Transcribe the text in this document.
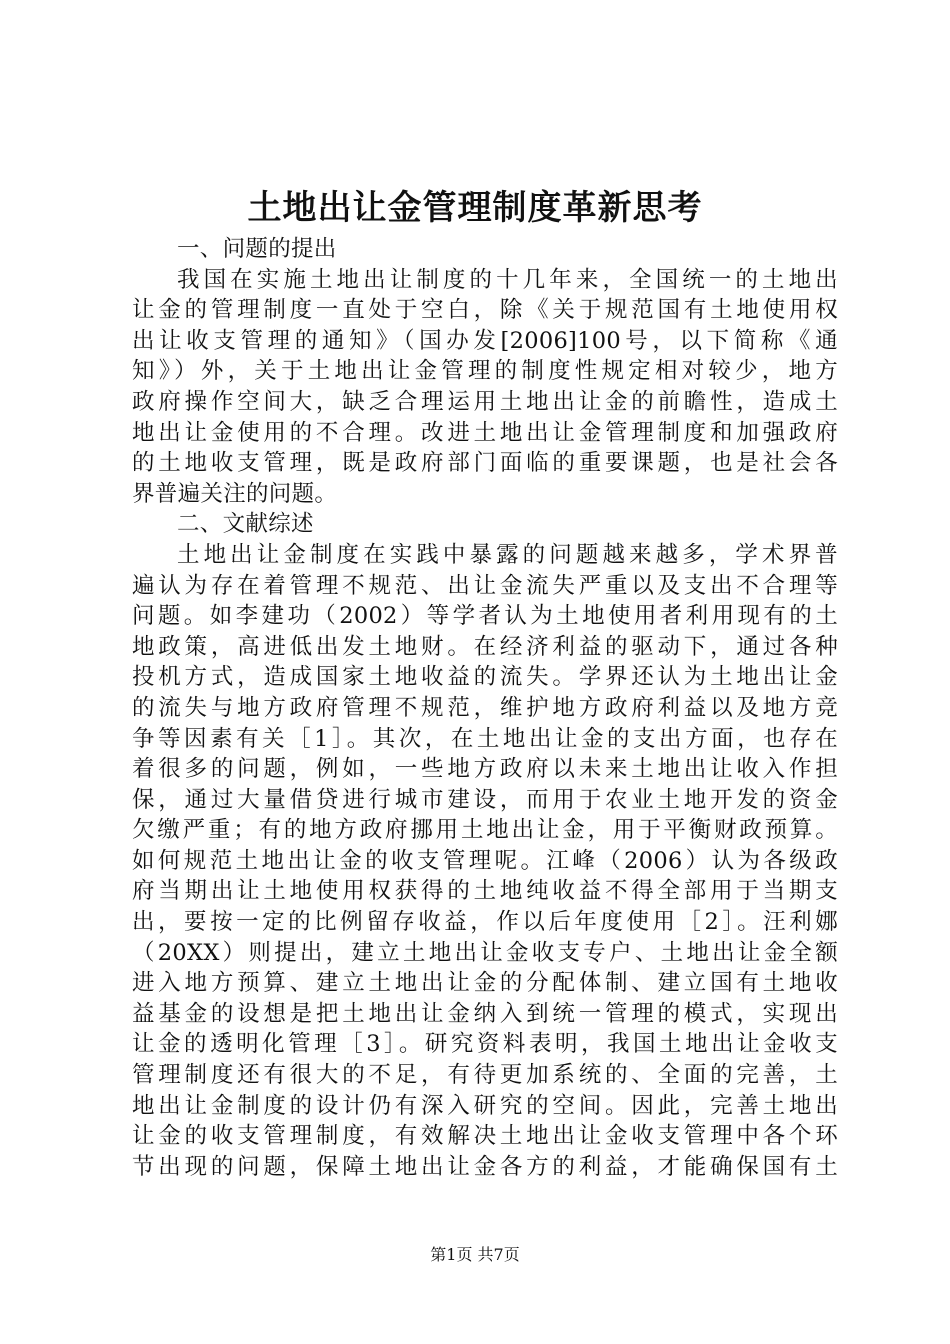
土地出让金管理制度革新思考
一、问题的提出
我国在实施土地出让制度的十几年来，全国统一的土地出
让金的管理制度一直处于空白，除《关于规范国有土地使用权
出让收支管理的通知》（国办发[2006]100号，以下简称《通
知》）外，关于土地出让金管理的制度性规定相对较少，地方
政府操作空间大，缺乏合理运用土地出让金的前瞻性，造成土
地出让金使用的不合理。改进土地出让金管理制度和加强政府
的土地收支管理，既是政府部门面临的重要课题，也是社会各
界普遍关注的问题。
二、文献综述
土地出让金制度在实践中暴露的问题越来越多，学术界普
遍认为存在着管理不规范、出让金流失严重以及支出不合理等
问题。如李建功（2002）等学者认为土地使用者利用现有的土
地政策，高进低出发土地财。在经济利益的驱动下，通过各种
投机方式，造成国家土地收益的流失。学界还认为土地出让金
的流失与地方政府管理不规范，维护地方政府利益以及地方竞
争等因素有关［1］。其次，在土地出让金的支出方面，也存在
着很多的问题，例如，一些地方政府以未来土地出让收入作担
保，通过大量借贷进行城市建设，而用于农业土地开发的资金
欠缴严重；有的地方政府挪用土地出让金，用于平衡财政预算。
如何规范土地出让金的收支管理呢。江峰（2006）认为各级政
府当期出让土地使用权获得的土地纯收益不得全部用于当期支
出，要按一定的比例留存收益，作以后年度使用［2］。汪利娜
（20XX）则提出，建立土地出让金收支专户、土地出让金全额
进入地方预算、建立土地出让金的分配体制、建立国有土地收
益基金的设想是把土地出让金纳入到统一管理的模式，实现出
让金的透明化管理［3］。研究资料表明，我国土地出让金收支
管理制度还有很大的不足，有待更加系统的、全面的完善，土
地出让金制度的设计仍有深入研究的空间。因此，完善土地出
让金的收支管理制度，有效解决土地出让金收支管理中各个环
节出现的问题，保障土地出让金各方的利益，才能确保国有土
第1页 共7页
